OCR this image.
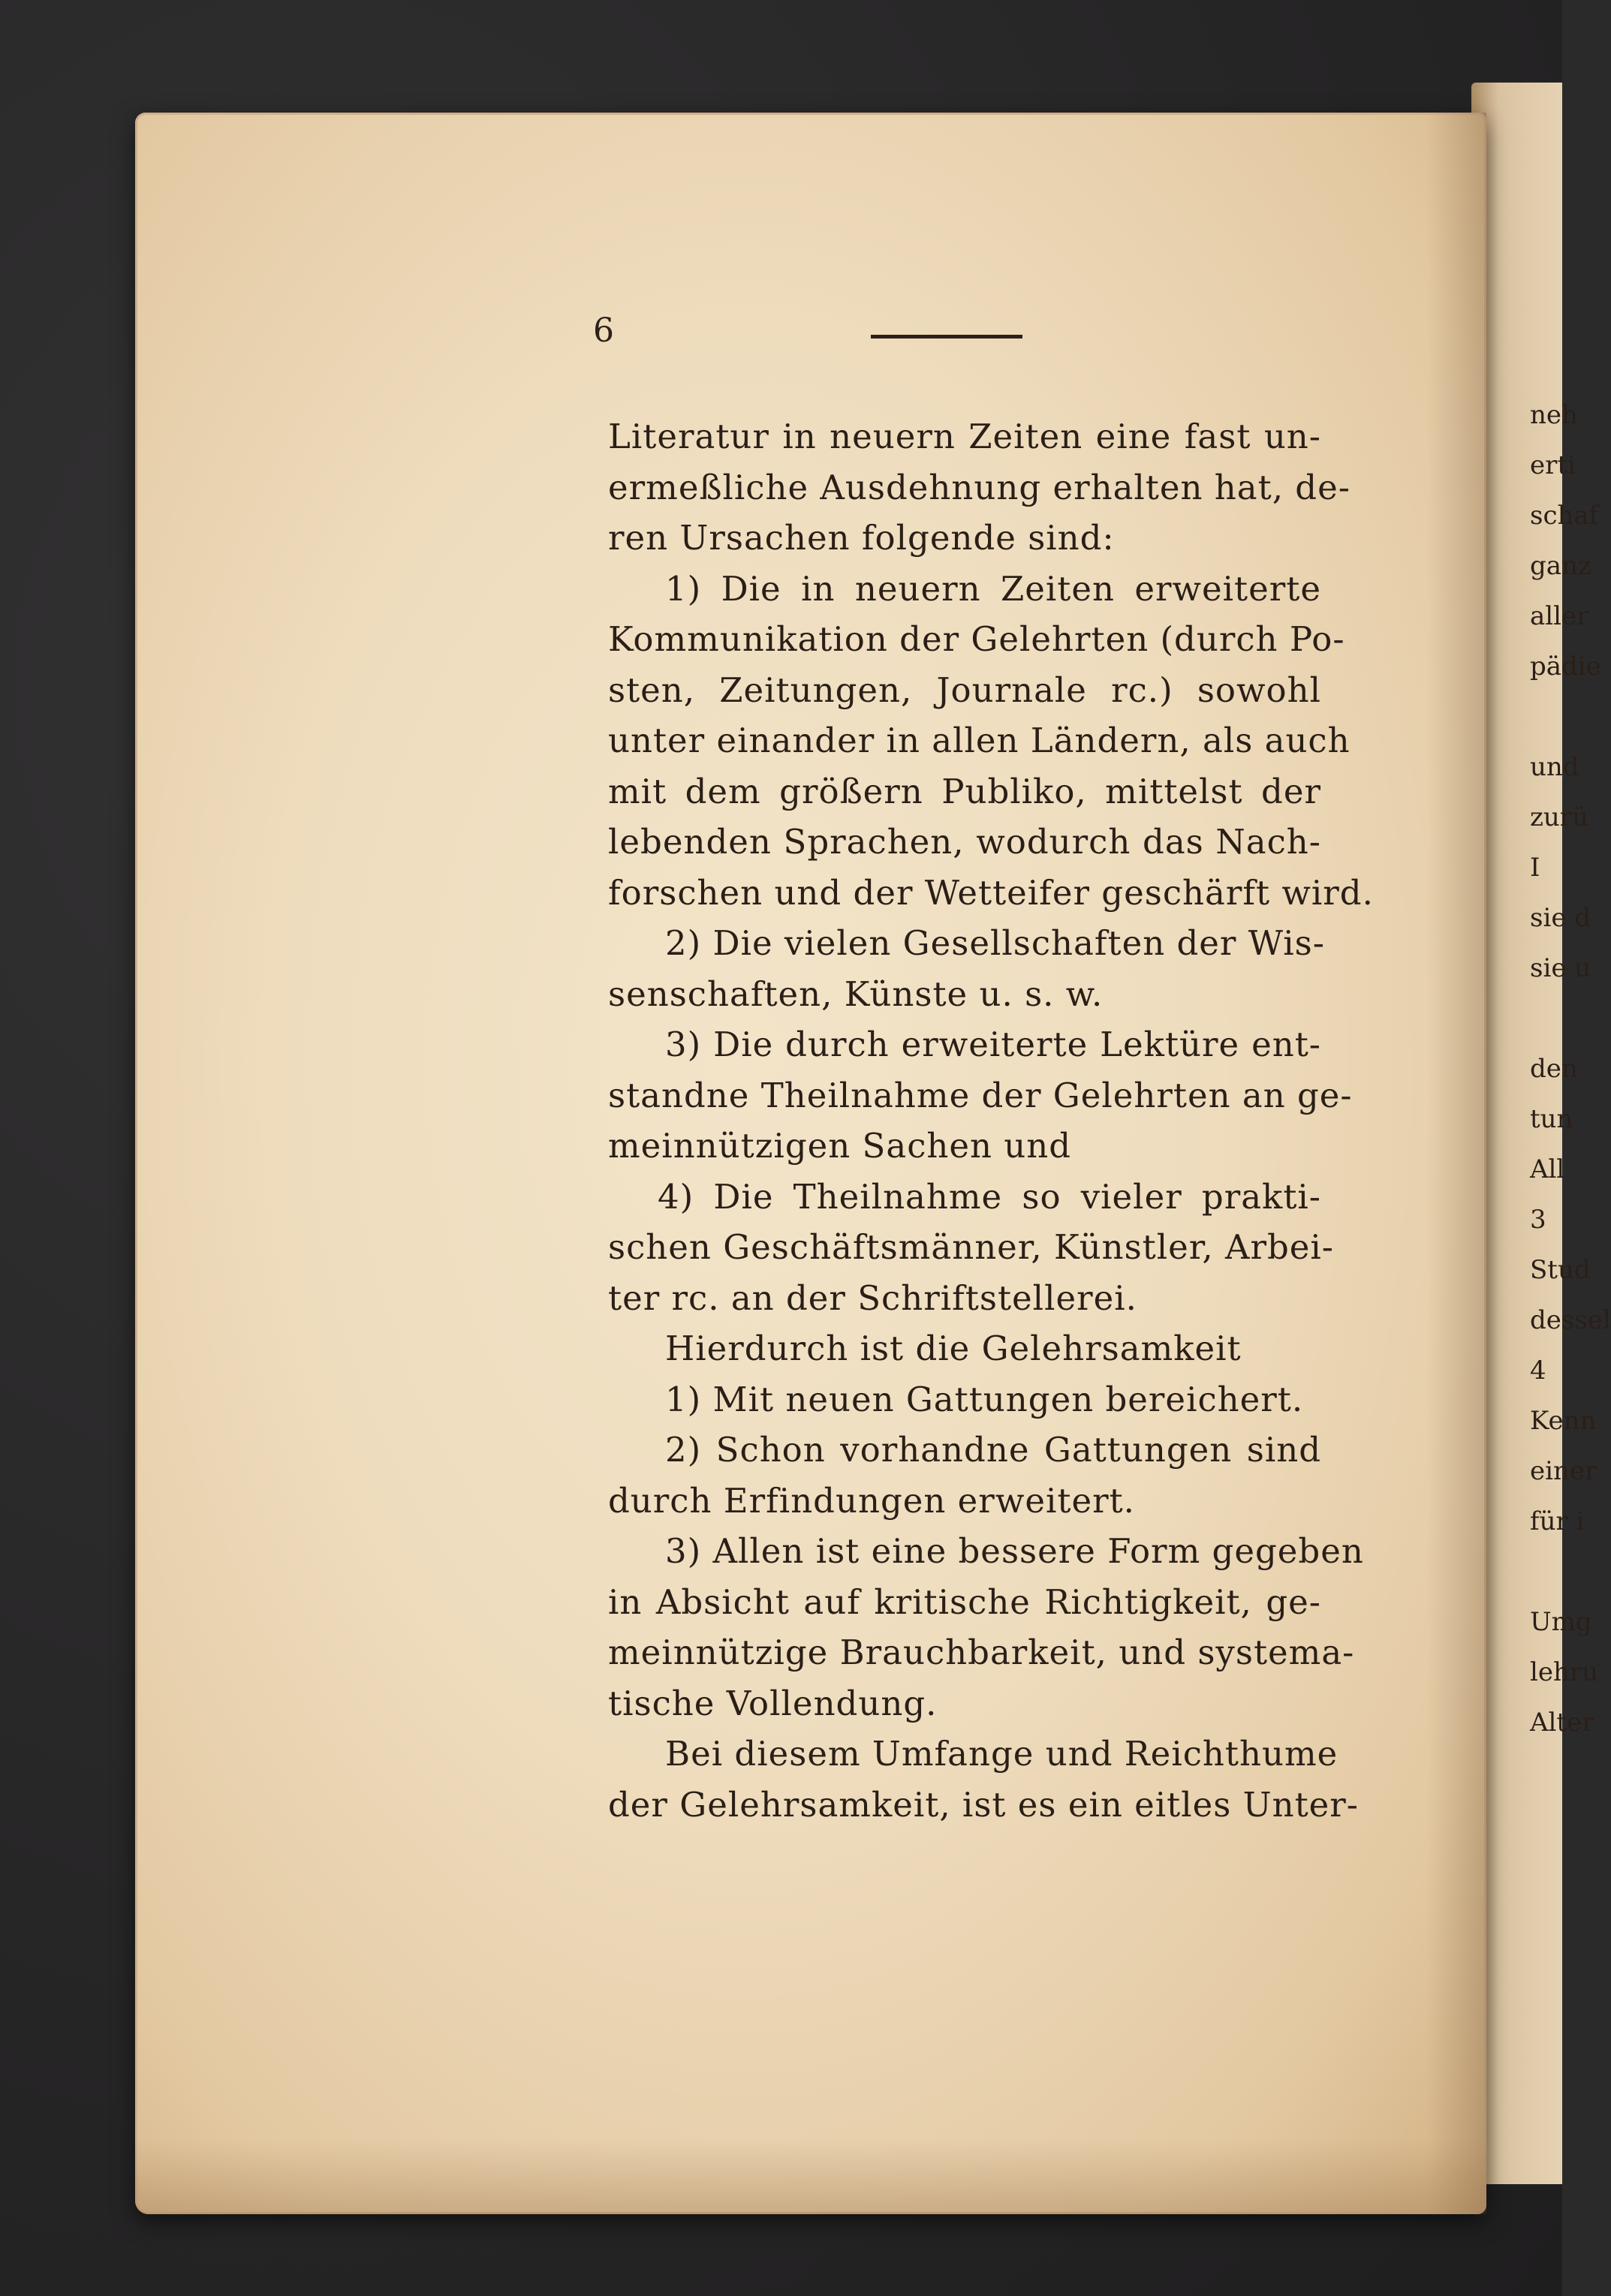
neh
erti
schaf
ganz
aller
pädie
und
zurü
I
sie d
sie u
den
tun
All
3
Stud
dessel
4
Kenn
einer
für i
Umg
lehru
Alter
6
Literatur in neuern Zeiten eine fast un-
ermeßliche Ausdehnung erhalten hat, de-
ren Ursachen folgende sind:
1) Die in neuern Zeiten erweiterte
Kommunikation der Gelehrten (durch Po-
sten, Zeitungen, Journale rc.) sowohl
unter einander in allen Ländern, als auch
mit dem größern Publiko, mittelst der
lebenden Sprachen, wodurch das Nach-
forschen und der Wetteifer geschärft wird.
2) Die vielen Gesellschaften der Wis-
senschaften, Künste u. s. w.
3) Die durch erweiterte Lektüre ent-
standne Theilnahme der Gelehrten an ge-
meinnützigen Sachen und
4) Die Theilnahme so vieler prakti-
schen Geschäftsmänner, Künstler, Arbei-
ter rc. an der Schriftstellerei.
Hierdurch ist die Gelehrsamkeit
1) Mit neuen Gattungen bereichert.
2) Schon vorhandne Gattungen sind
durch Erfindungen erweitert.
3) Allen ist eine bessere Form gegeben
in Absicht auf kritische Richtigkeit, ge-
meinnützige Brauchbarkeit, und systema-
tische Vollendung.
Bei diesem Umfange und Reichthume
der Gelehrsamkeit, ist es ein eitles Unter-
